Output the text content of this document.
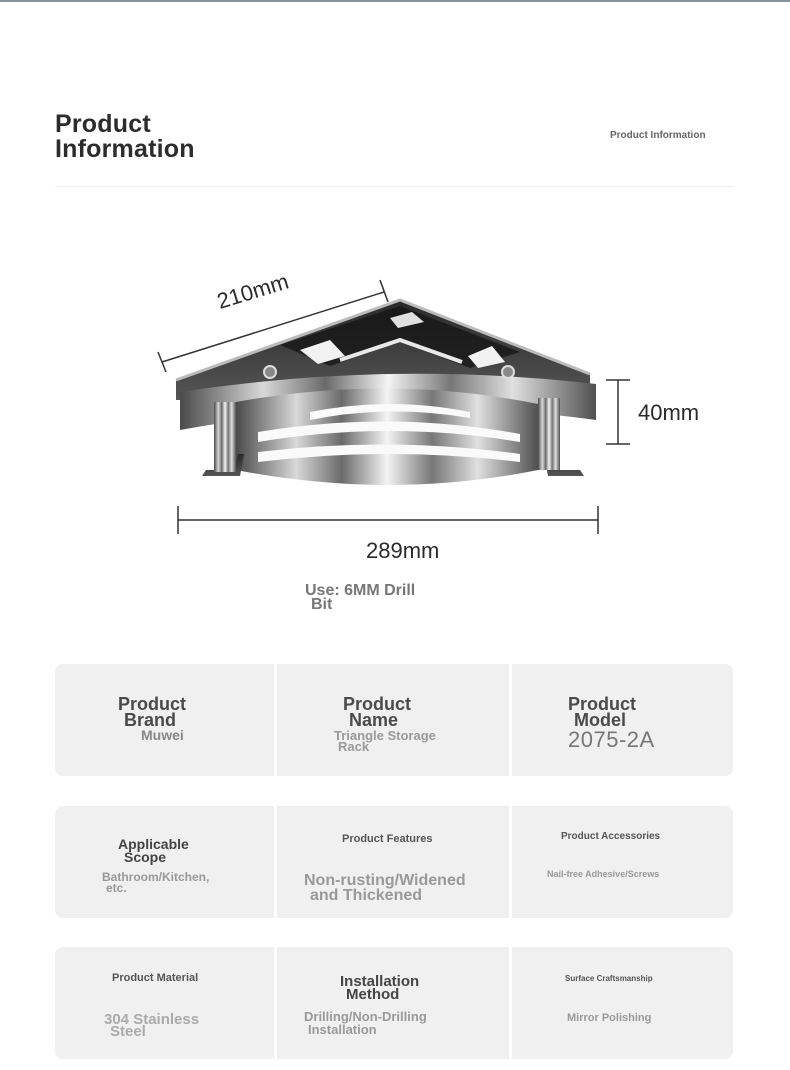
Product
Information	Product Information
210mm
40mm
289mm
Use: 6MM Drill
Bit
Product
Brand
Muwei
Product
Name
Triangle Storage
Rack
Product
Model
2075-2A
Applicable
Scope
Bathroom/Kitchen,
etc.
Product Features
Non-rusting/Widened
and Thickened
Product Accessories
Nail-free Adhesive/Screws
Product Material
304 Stainless
Steel
Installation
Method
Drilling/Non-Drilling
Installation
Surface Craftsmanship
Mirror Polishing
